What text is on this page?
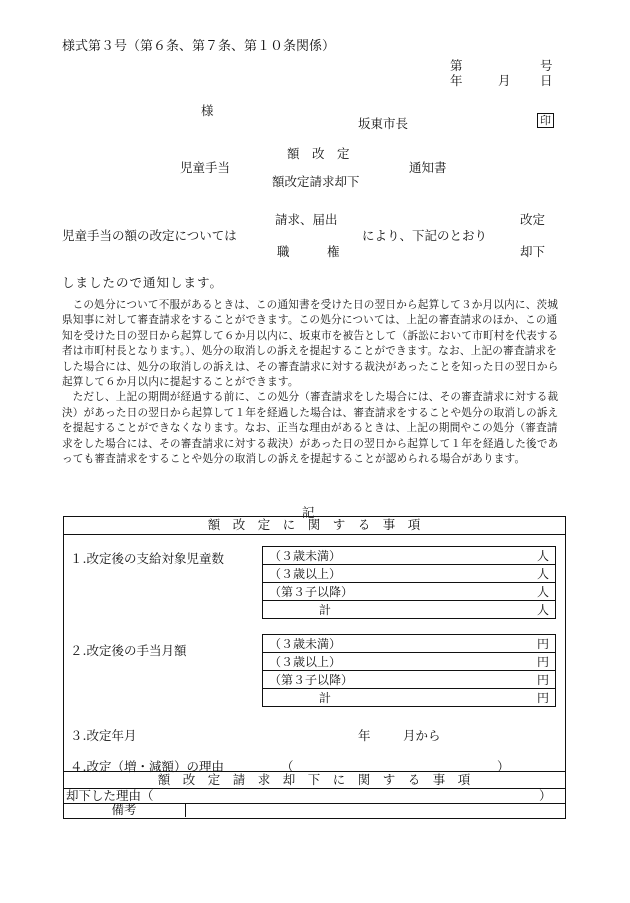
様式第３号（第６条、第７条、第１０条関係）
第	号
年	月 日
様
坂東市長	印
額　改　定
児童手当
額改定請求却下
通知書
請求、届出	改定
児童手当の額の改定については	により、下記のとおり
職　　　権	却下
しましたので通知します。

この処分について不服があるときは、この通知書を受けた日の翌日から起算して３か月以内に、茨城県知事に対して審査請求をすることができます。この処分については、上記の審査請求のほか、この通知を受けた日の翌日から起算して６か月以内に、坂東市を被告として（訴訟において市町村を代表する者は市町村長となります。）、処分の取消しの訴えを提起することができます。なお、上記の審査請求をした場合には、処分の取消しの訴えは、その審査請求に対する裁決があったことを知った日の翌日から起算して６か月以内に提起することができます。

ただし、上記の期間が経過する前に、この処分（審査請求をした場合には、その審査請求に対する裁決）があった日の翌日から起算して１年を経過した場合は、審査請求をすることや処分の取消しの訴えを提起することができなくなります。なお、正当な理由があるときは、上記の期間やこの処分（審査請求をした場合には、その審査請求に対する裁決）があった日の翌日から起算して１年を経過した後であっても審査請求をすることや処分の取消しの訴えを提起することが認められる場合があります。

記
額　改　定　に　関　す　る　事　項
１.改定後の支給対象児童数	（３歳未満）	人
（３歳以上）	人
（第３子以降）	人
計	人
２.改定後の手当月額	（３歳未満）	円
（３歳以上）	円
（第３子以降）	円
計	円
３.改定年月	年	月から
４.改定（増・減額）の理由	（	）
額　改　定　請　求　却　下　に　関　す　る　事　項
却下した理由（	）
備考
